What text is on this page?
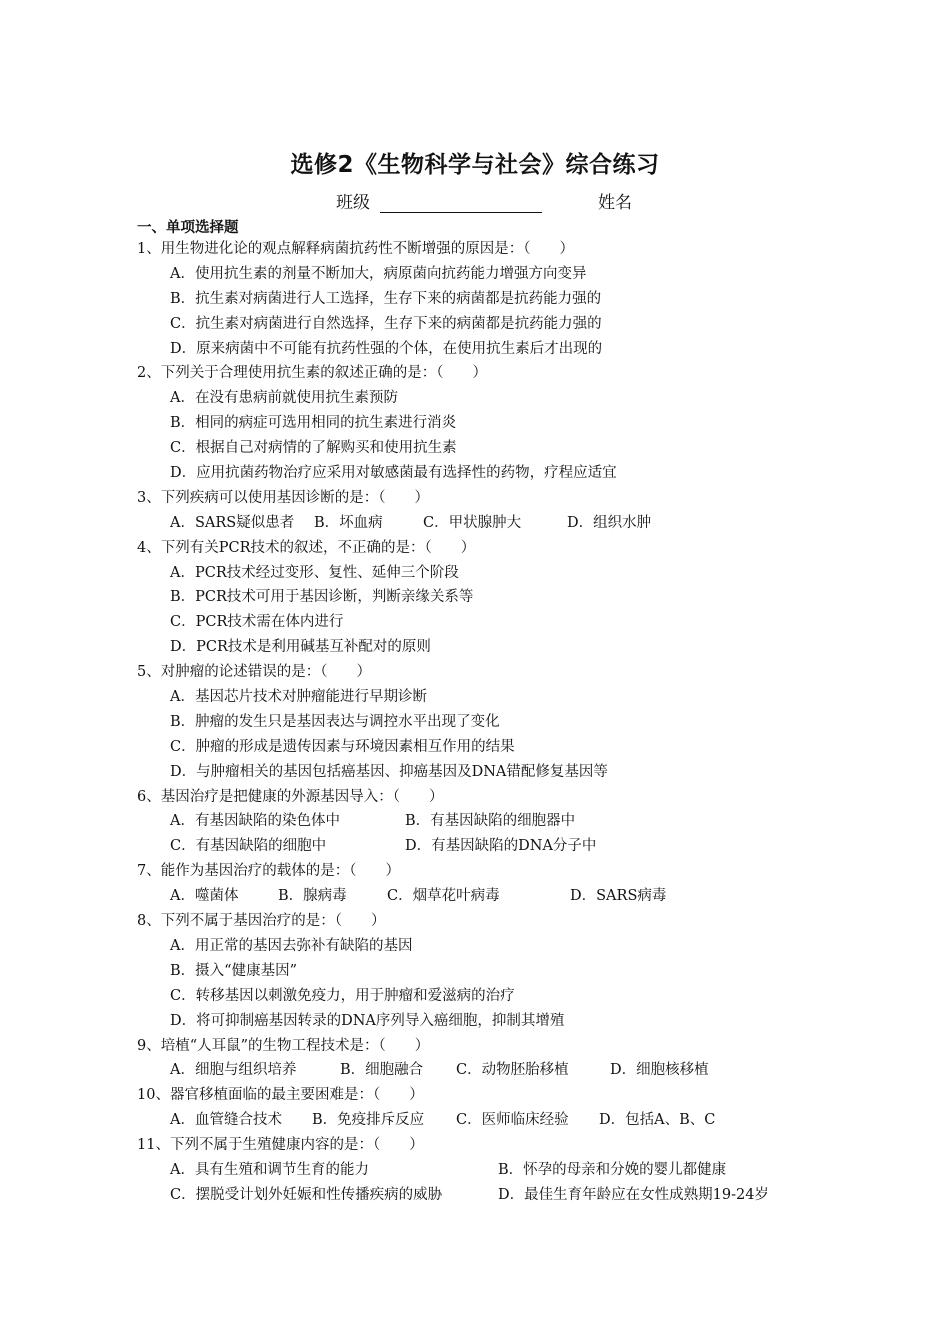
选修2《生物科学与社会》综合练习
班级	姓名
一、单项选择题
1、用生物进化论的观点解释病菌抗药性不断增强的原因是：（　　）
A．使用抗生素的剂量不断加大，病原菌向抗药能力增强方向变异
B．抗生素对病菌进行人工选择，生存下来的病菌都是抗药能力强的
C．抗生素对病菌进行自然选择，生存下来的病菌都是抗药能力强的
D．原来病菌中不可能有抗药性强的个体，在使用抗生素后才出现的
2、下列关于合理使用抗生素的叙述正确的是：（　　）
A．在没有患病前就使用抗生素预防
B．相同的病症可选用相同的抗生素进行消炎
C．根据自己对病情的了解购买和使用抗生素
D．应用抗菌药物治疗应采用对敏感菌最有选择性的药物，疗程应适宜
3、下列疾病可以使用基因诊断的是：（　　）
A．SARS疑似患者 B．坏血病	C．甲状腺肿大	D．组织水肿
4、下列有关PCR技术的叙述，不正确的是：（　　）
A．PCR技术经过变形、复性、延伸三个阶段
B．PCR技术可用于基因诊断，判断亲缘关系等
C．PCR技术需在体内进行
D．PCR技术是利用碱基互补配对的原则
5、对肿瘤的论述错误的是：（　　）
A．基因芯片技术对肿瘤能进行早期诊断
B．肿瘤的发生只是基因表达与调控水平出现了变化
C．肿瘤的形成是遗传因素与环境因素相互作用的结果
D．与肿瘤相关的基因包括癌基因、抑癌基因及DNA错配修复基因等
6、基因治疗是把健康的外源基因导入：（　　）
A．有基因缺陷的染色体中	B．有基因缺陷的细胞器中
C．有基因缺陷的细胞中	D．有基因缺陷的DNA分子中
7、能作为基因治疗的载体的是：（　　）
A．噬菌体	B．腺病毒	C．烟草花叶病毒	D．SARS病毒
8、下列不属于基因治疗的是：（　　）
A．用正常的基因去弥补有缺陷的基因
B．摄入“健康基因”
C．转移基因以刺激免疫力，用于肿瘤和爱滋病的治疗
D．将可抑制癌基因转录的DNA序列导入癌细胞，抑制其增殖
9、培植“人耳鼠”的生物工程技术是：（　　）
A．细胞与组织培养	B．细胞融合 C．动物胚胎移植	D．细胞核移植
10、器官移植面临的最主要困难是：（　　）
A．血管缝合技术 B．免疫排斥反应 C．医师临床经验 D．包括A、B、C
11、下列不属于生殖健康内容的是：（　　）
A．具有生殖和调节生育的能力	B．怀孕的母亲和分娩的婴儿都健康
C．摆脱受计划外妊娠和性传播疾病的威胁	D．最佳生育年龄应在女性成熟期19-24岁
